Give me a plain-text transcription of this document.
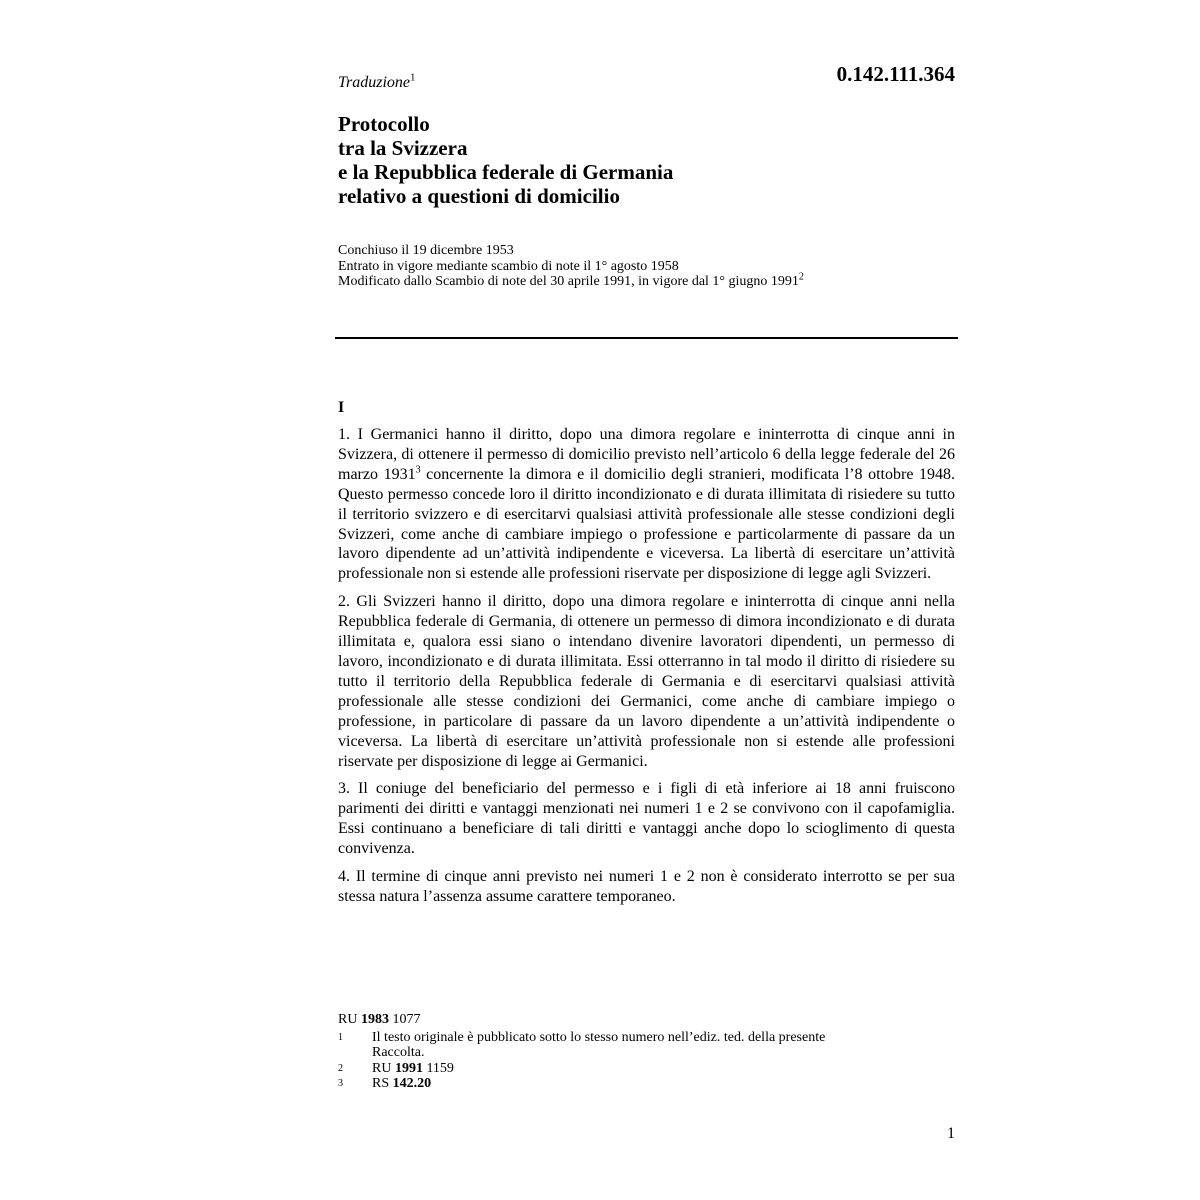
Traduzione$^1$	0.142.111.364
Protocollo
tra la Svizzera
e la Repubblica federale di Germania
relativo a questioni di domicilio
Conchiuso il 19 dicembre 1953
Entrato in vigore mediante scambio di note il 1° agosto 1958
Modificato dallo Scambio di note del 30 aprile 1991, in vigore dal 1° giugno 1991$^2$
I

1. I Germanici hanno il diritto, dopo una dimora regolare e ininterrotta di cinque anni in Svizzera, di ottenere il permesso di domicilio previsto nell’articolo 6 della legge federale del 26 marzo 1931$^3$ concernente la dimora e il domicilio degli stranieri, modificata l’8 ottobre 1948. Questo permesso concede loro il diritto incondizionato e di durata illimitata di risiedere su tutto il territorio svizzero e di esercitarvi qualsiasi attività professionale alle stesse condizioni degli Svizzeri, come anche di cambiare impiego o professione e particolarmente di passare da un lavoro dipendente ad un’attività indipendente e viceversa. La libertà di esercitare un’attività professionale non si estende alle professioni riservate per disposizione di legge agli Svizzeri.

2. Gli Svizzeri hanno il diritto, dopo una dimora regolare e ininterrotta di cinque anni nella Repubblica federale di Germania, di ottenere un permesso di dimora incondizionato e di durata illimitata e, qualora essi siano o intendano divenire lavoratori dipendenti, un permesso di lavoro, incondizionato e di durata illimitata. Essi otterranno in tal modo il diritto di risiedere su tutto il territorio della Repubblica federale di Germania e di esercitarvi qualsiasi attività professionale alle stesse condizioni dei Germanici, come anche di cambiare impiego o professione, in particolare di passare da un lavoro dipendente a un’attività indipendente o viceversa. La libertà di esercitare un’attività professionale non si estende alle professioni riservate per disposizione di legge ai Germanici.

3. Il coniuge del beneficiario del permesso e i figli di età inferiore ai 18 anni fruiscono parimenti dei diritti e vantaggi menzionati nei numeri 1 e 2 se convivono con il capofamiglia. Essi continuano a beneficiare di tali diritti e vantaggi anche dopo lo scioglimento di questa convivenza.

4. Il termine di cinque anni previsto nei numeri 1 e 2 non è considerato interrotto se per sua stessa natura l’assenza assume carattere temporaneo.

RU 1983 1077
1	Il testo originale è pubblicato sotto lo stesso numero nell’ediz. ted. della presente Raccolta.
2	RU 1991 1159
3	RS 142.20
1
